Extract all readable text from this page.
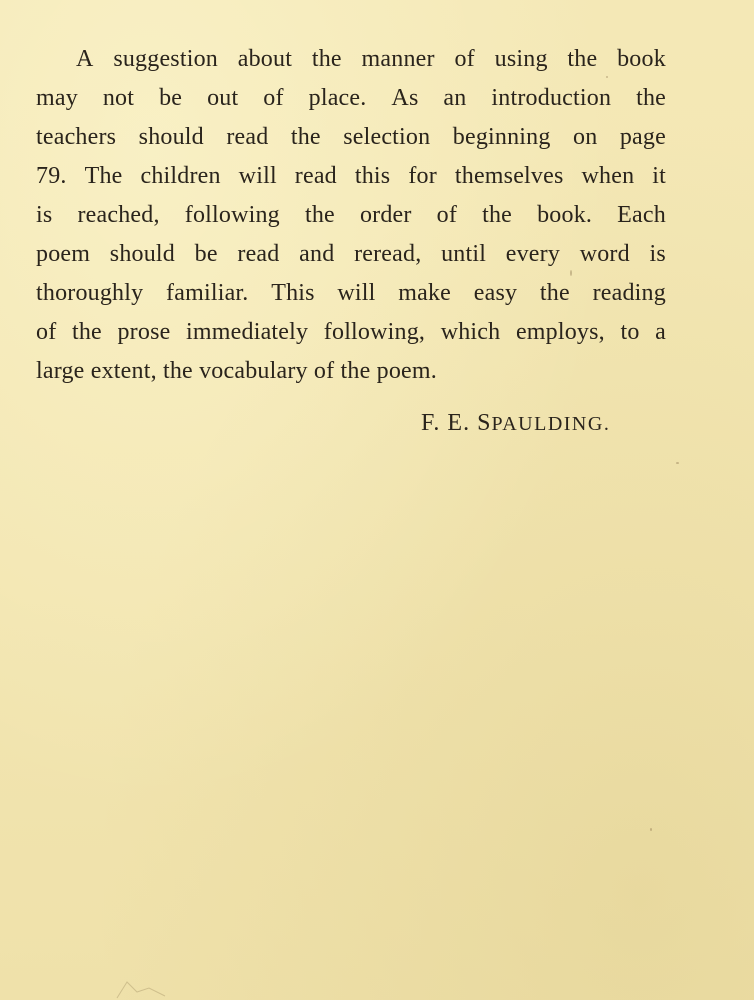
A suggestion about the manner of using the book
may not be out of place. As an introduction the
teachers should read the selection beginning on page
79. The children will read this for themselves when it
is reached, following the order of the book. Each
poem should be read and reread, until every word is
thoroughly familiar. This will make easy the reading
of the prose immediately following, which employs, to a
large extent, the vocabulary of the poem.
F. E. SPAULDING.
